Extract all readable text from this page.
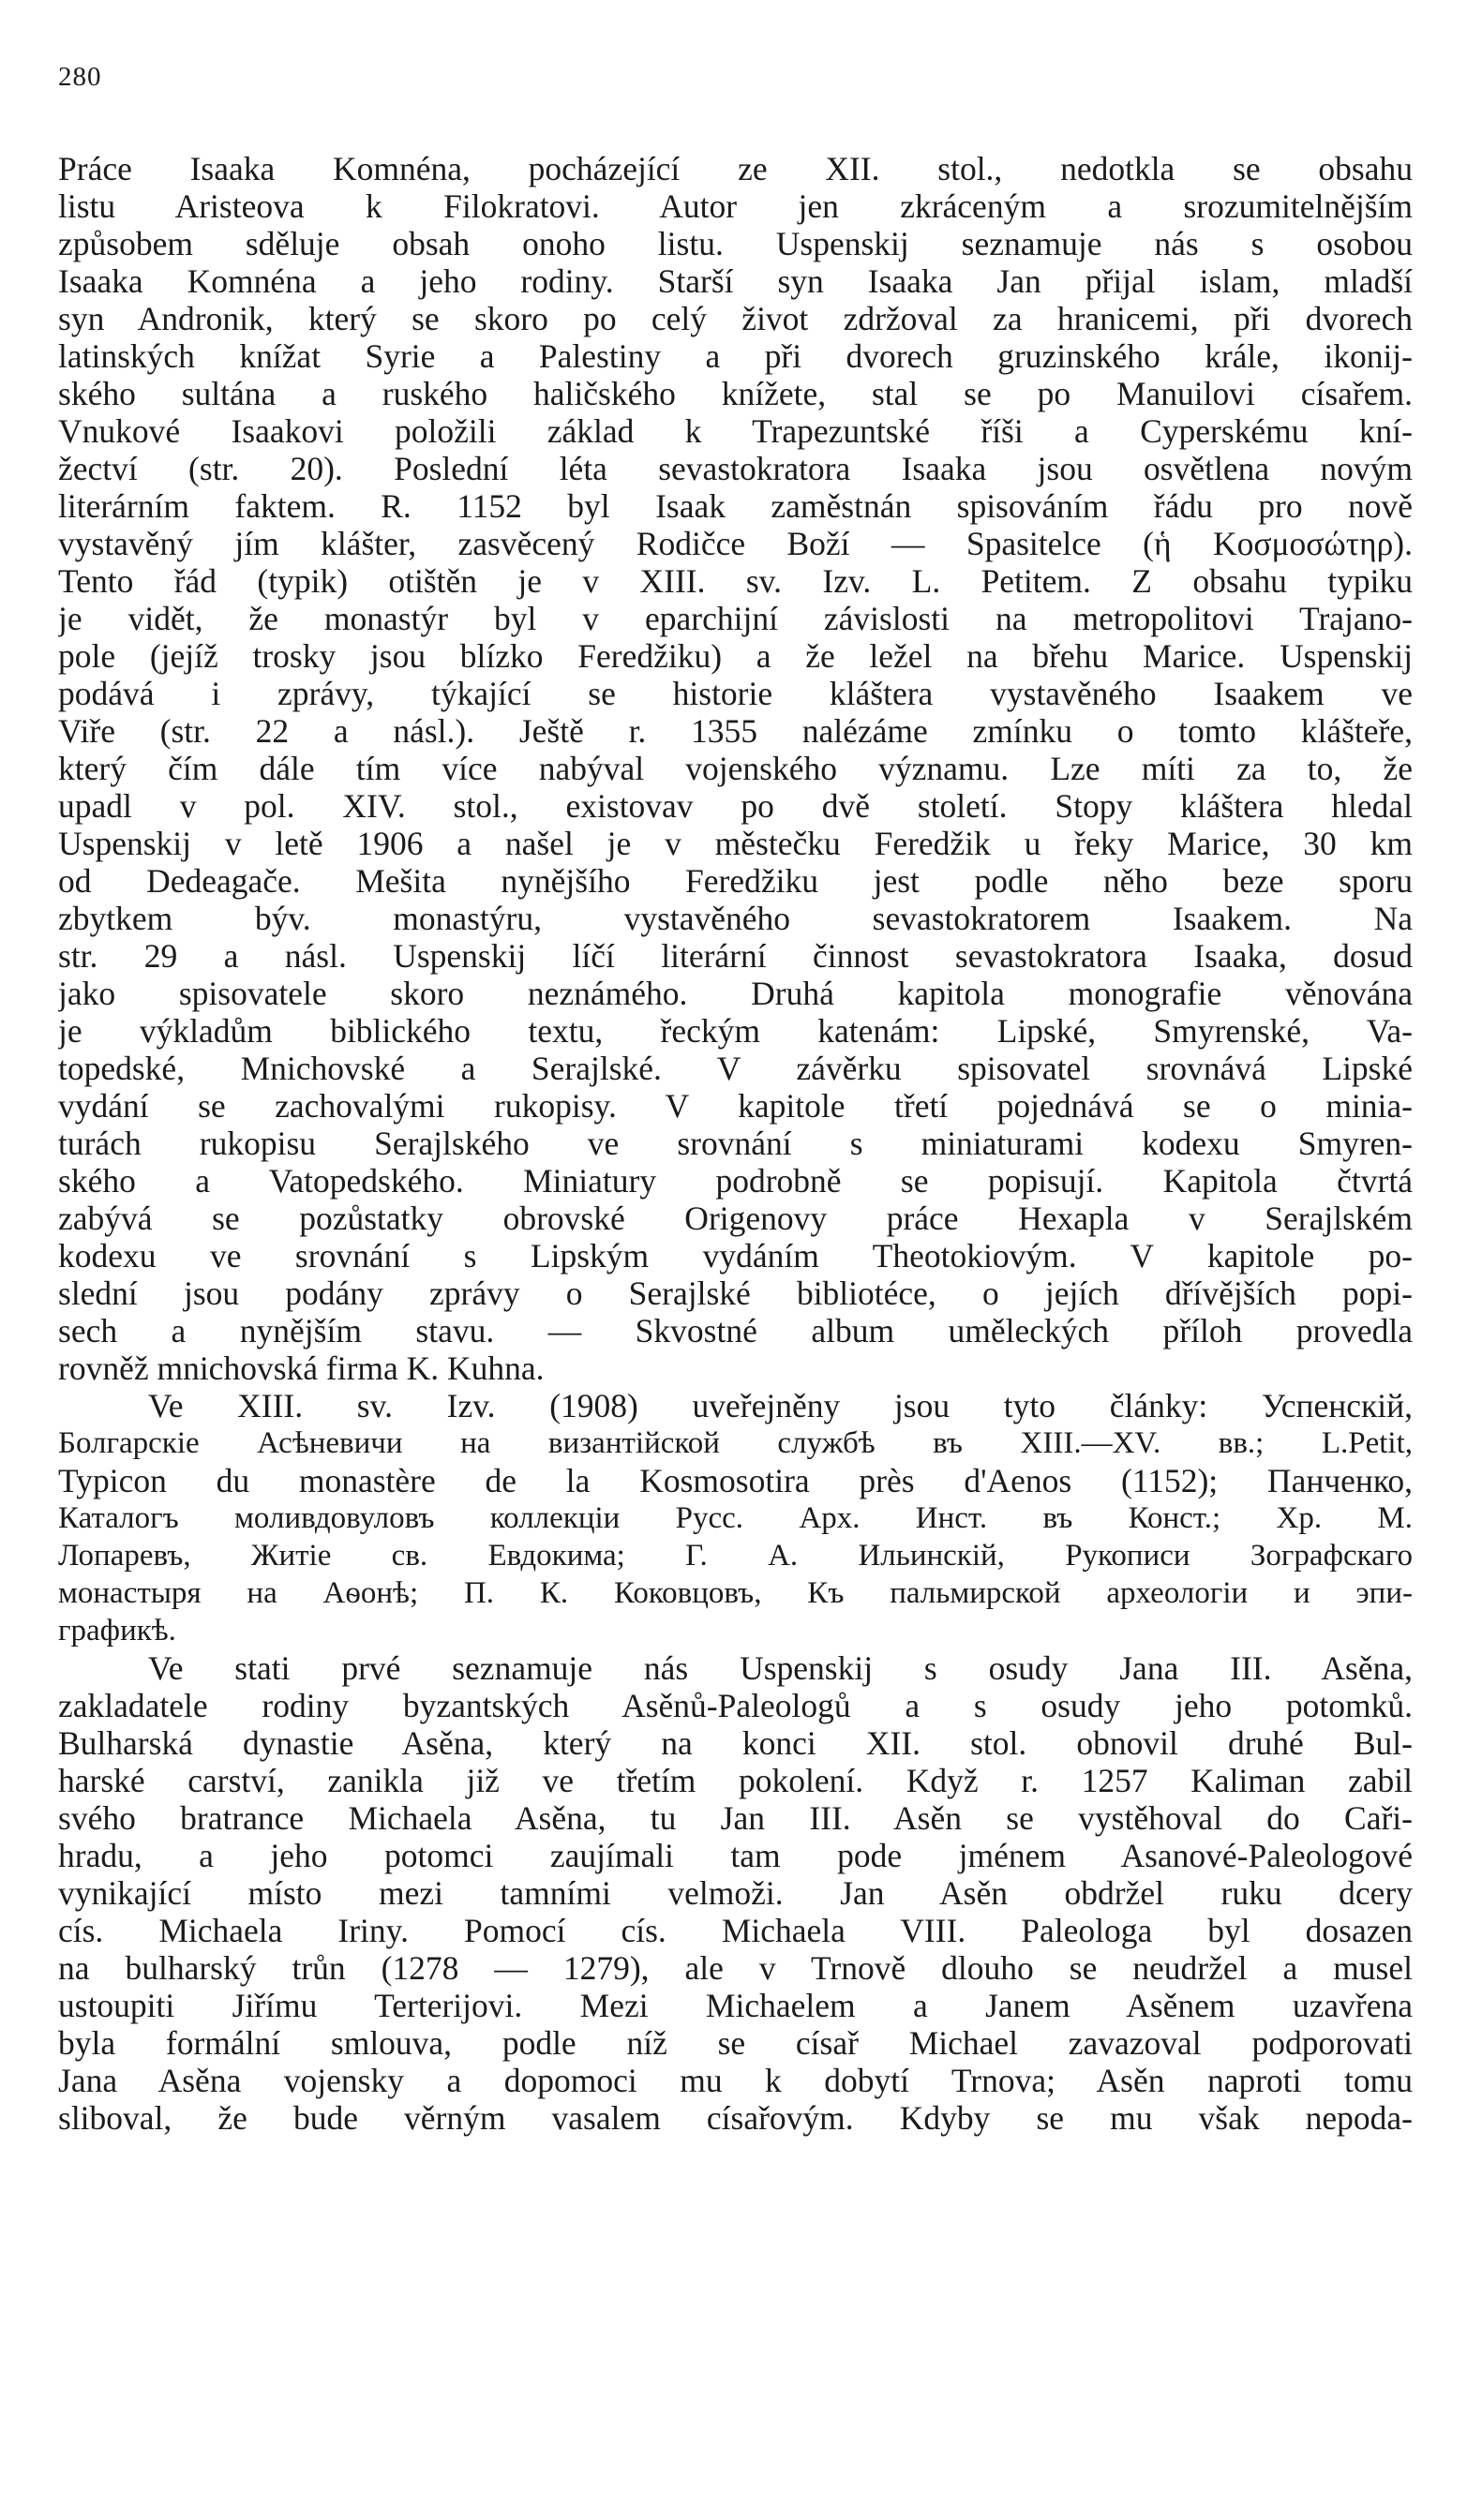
280
Práce Isaaka Komnéna, pocházející ze XII. stol., nedotkla se obsahu
listu Aristeova k Filokratovi. Autor jen zkráceným a srozumitelnějším
způsobem sděluje obsah onoho listu. Uspenskij seznamuje nás s osobou
Isaaka Komnéna a jeho rodiny. Starší syn Isaaka Jan přijal islam, mladší
syn Andronik, který se skoro po celý život zdržoval za hranicemi, při dvorech
latinských knížat Syrie a Palestiny a při dvorech gruzinského krále, ikonij-
ského sultána a ruského haličského knížete, stal se po Manuilovi císařem.
Vnukové Isaakovi položili základ k Trapezuntské říši a Cyperskému kní-
žectví (str. 20). Poslední léta sevastokratora Isaaka jsou osvětlena novým
literárním faktem. R. 1152 byl Isaak zaměstnán spisováním řádu pro nově
vystavěný jím klášter, zasvěcený Rodičce Boží — Spasitelce (ἡ Κοσμοσώτηρ).
Tento řád (typik) otištěn je v XIII. sv. Izv. L. Petitem. Z obsahu typiku
je vidět, že monastýr byl v eparchijní závislosti na metropolitovi Trajano-
pole (jejíž trosky jsou blízko Feredžiku) a že ležel na břehu Marice. Uspenskij
podává i zprávy, týkající se historie kláštera vystavěného Isaakem ve
Viře (str. 22 a násl.). Ještě r. 1355 nalézáme zmínku o tomto klášteře,
který čím dále tím více nabýval vojenského významu. Lze míti za to, že
upadl v pol. XIV. stol., existovav po dvě století. Stopy kláštera hledal
Uspenskij v letě 1906 a našel je v městečku Feredžik u řeky Marice, 30 km
od Dedeagače. Mešita nynějšího Feredžiku jest podle něho beze sporu
zbytkem býv. monastýru, vystavěného sevastokratorem Isaakem. Na
str. 29 a násl. Uspenskij líčí literární činnost sevastokratora Isaaka, dosud
jako spisovatele skoro neznámého. Druhá kapitola monografie věnována
je výkladům biblického textu, řeckým katenám: Lipské, Smyrenské, Va-
topedské, Mnichovské a Serajlské. V závěrku spisovatel srovnává Lipské
vydání se zachovalými rukopisy. V kapitole třetí pojednává se o minia-
turách rukopisu Serajlského ve srovnání s miniaturami kodexu Smyren-
ského a Vatopedského. Miniatury podrobně se popisují. Kapitola čtvrtá
zabývá se pozůstatky obrovské Origenovy práce Hexapla v Serajlském
kodexu ve srovnání s Lipským vydáním Theotokiovým. V kapitole po-
slední jsou podány zprávy o Serajlské bibliotéce, o jejích dřívějších popi-
sech a nynějším stavu. — Skvostné album uměleckých příloh provedla
rovněž mnichovská firma K. Kuhna.
Ve XIII. sv. Izv. (1908) uveřejněny jsou tyto články: Успенскій,
Болгарскіе Асѣневичи на византійской службѣ въ XIII.—XV. вв.; L.Petit,
Typicon du monastère de la Kosmosotira près d'Aenos (1152); Панченко,
Каталогъ моливдовуловъ коллекціи Русс. Арх. Инст. въ Конст.; Хр. М.
Лопаревъ, Житіе св. Евдокима; Г. А. Ильинскій, Рукописи Зографскаго
монастыря на Аѳонѣ; П. К. Коковцовъ, Къ пальмирской археологіи и эпи-
графикѣ.
Ve stati prvé seznamuje nás Uspenskij s osudy Jana III. Asěna,
zakladatele rodiny byzantských Asěnů-Paleologů a s osudy jeho potomků.
Bulharská dynastie Asěna, který na konci XII. stol. obnovil druhé Bul-
harské carství, zanikla již ve třetím pokolení. Když r. 1257 Kaliman zabil
svého bratrance Michaela Asěna, tu Jan III. Asěn se vystěhoval do Caři-
hradu, a jeho potomci zaujímali tam pode jménem Asanové-Paleologové
vynikající místo mezi tamními velmoži. Jan Asěn obdržel ruku dcery
cís. Michaela Iriny. Pomocí cís. Michaela VIII. Paleologa byl dosazen
na bulharský trůn (1278 — 1279), ale v Trnově dlouho se neudržel a musel
ustoupiti Jiřímu Terterijovi. Mezi Michaelem a Janem Asěnem uzavřena
byla formální smlouva, podle níž se císař Michael zavazoval podporovati
Jana Asěna vojensky a dopomoci mu k dobytí Trnova; Asěn naproti tomu
sliboval, že bude věrným vasalem císařovým. Kdyby se mu však nepoda-
